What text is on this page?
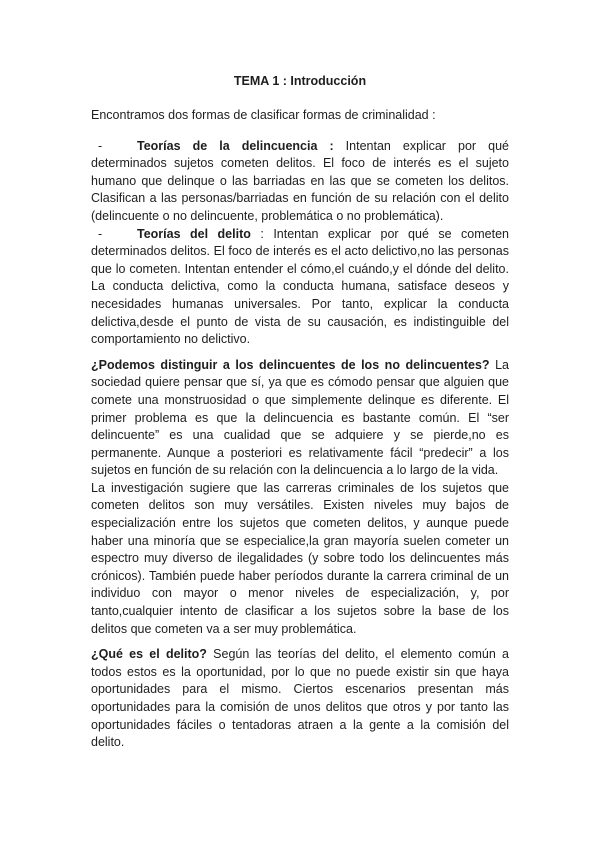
TEMA 1 : Introducción

Encontramos dos formas de clasificar formas de criminalidad :

-	Teorías de la delincuencia : Intentan explicar por qué determinados sujetos cometen delitos. El foco de interés es el sujeto humano que delinque o las barriadas en las que se cometen los delitos. Clasifican a las personas/barriadas en función de su relación con el delito (delincuente o no delincuente, problemática o no problemática).

-	Teorías del delito : Intentan explicar por qué se cometen determinados delitos. El foco de interés es el acto delictivo,no las personas que lo cometen. Intentan entender el cómo,el cuándo,y el dónde del delito. La conducta delictiva, como la conducta humana, satisface deseos y necesidades humanas universales. Por tanto, explicar la conducta delictiva,desde el punto de vista de su causación, es indistinguible del comportamiento no delictivo.

¿Podemos distinguir a los delincuentes de los no delincuentes? La sociedad quiere pensar que sí, ya que es cómodo pensar que alguien que comete una monstruosidad o que simplemente delinque es diferente. El primer problema es que la delincuencia es bastante común. El “ser delincuente” es una cualidad que se adquiere y se pierde,no es permanente. Aunque a posteriori es relativamente fácil “predecir” a los sujetos en función de su relación con la delincuencia a lo largo de la vida.

La investigación sugiere que las carreras criminales de los sujetos que cometen delitos son muy versátiles. Existen niveles muy bajos de especialización entre los sujetos que cometen delitos, y aunque puede haber una minoría que se especialice,la gran mayoría suelen cometer un espectro muy diverso de ilegalidades (y sobre todo los delincuentes más crónicos). También puede haber períodos durante la carrera criminal de un individuo con mayor o menor niveles de especialización, y, por tanto,cualquier intento de clasificar a los sujetos sobre la base de los delitos que cometen va a ser muy problemática.

¿Qué es el delito? Según las teorías del delito, el elemento común a todos estos es la oportunidad, por lo que no puede existir sin que haya oportunidades para el mismo. Ciertos escenarios presentan más oportunidades para la comisión de unos delitos que otros y por tanto las oportunidades fáciles o tentadoras atraen a la gente a la comisión del delito.
